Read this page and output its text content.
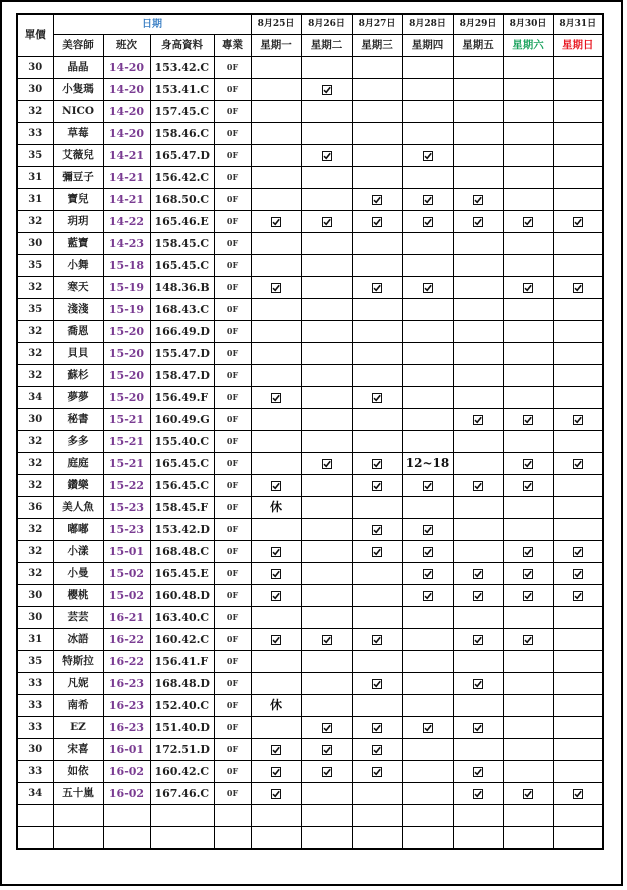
單價	日期				8月25日	8月26日	8月27日	8月28日	8月29日	8月30日	8月31日
	美容師	班次	身高資料	專業	星期一	星期二	星期三	星期四	星期五	星期六	星期日
30	晶晶	14-20	153.42.C	0F							
30	小隻瑪	14-20	153.41.C	0F		

32	NICO	14-20	157.45.C	0F							
33	草莓	14-20	158.46.C	0F							
35	艾薇兒	14-21	165.47.D	0F		

31	彌豆子	14-21	156.42.C	0F							
31	寶兒	14-21	168.50.C	0F			

32	玥玥	14-22	165.46.E	0F	

30	藍寶	14-23	158.45.C	0F							
35	小舞	15-18	165.45.C	0F							
32	寒天	15-19	148.36.B	0F	

35	淺淺	15-19	168.43.C	0F							
32	喬恩	15-20	166.49.D	0F							
32	貝貝	15-20	155.47.D	0F							
32	蘇杉	15-20	158.47.D	0F							
34	夢夢	15-20	156.49.F	0F	

30	秘書	15-21	160.49.G	0F					

32	多多	15-21	155.40.C	0F							
32	庭庭	15-21	165.45.C	0F				12~18		

32	鑽樂	15-22	156.45.C	0F	

36	美人魚	15-23	158.45.F	0F	休						
32	嘟嘟	15-23	153.42.D	0F			

32	小漾	15-01	168.48.C	0F	

32	小曼	15-02	165.45.E	0F	

30	櫻桃	15-02	160.48.D	0F	

30	芸芸	16-21	163.40.C	0F							
31	冰語	16-22	160.42.C	0F	

35	特斯拉	16-22	156.41.F	0F							
33	凡妮	16-23	168.48.D	0F			

33	南希	16-23	152.40.C	0F	休						
33	EZ	16-23	151.40.D	0F		

30	宋喜	16-01	172.51.D	0F	

33	如依	16-02	160.42.C	0F	

34	五十嵐	16-02	167.46.C	0F	
